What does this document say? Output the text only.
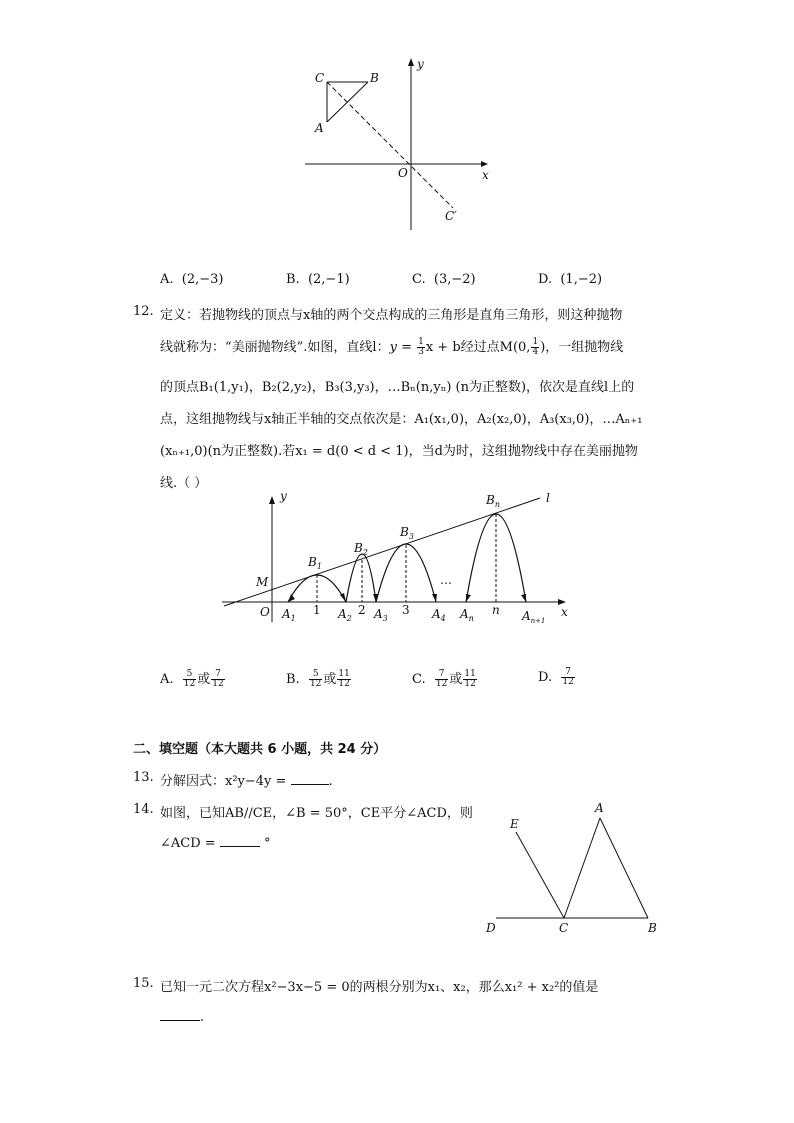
C	B
A
y
O	x
C′
A. (2,−3)	B. (2,−1)	C. (3,−2)	D. (1,−2)
12. 定义：若抛物线的顶点与x轴的两个交点构成的三角形是直角三角形，则这种抛物
线就称为：“美丽抛物线”.如图，直线l：$y = \frac{1}{3}$ x + b经过点M(0, $\frac{1}{4}$ )，一组抛物线
的顶点B₁(1,y₁)，B₂(2,y₂)，B₃(3,y₃)，…Bₙ(n,yₙ) (n为正整数)，依次是直线l上的
点，这组抛物线与x轴正半轴的交点依次是：A₁(x₁,0)，A₂(x₂,0)，A₃(x₃,0)，…Aₙ₊₁
(xₙ₊₁,0)(n为正整数).若x₁ = d(0 < d < 1)，当d为时，这组抛物线中存在美丽抛物
线.（ ）
y
x
M
O
l
$B_1$
$B_2$
$B_3$
$B_n$
1	2	3	n
…
$A_1$	$A_2$ $A_3$	$A_4$ $A_n$	$A_{n+1}$
A. $\frac{5}{12}$ 或 $\frac{7}{12}$	B. $\frac{5}{12}$ 或 $\frac{11}{12}$	C. $\frac{7}{12}$ 或 $\frac{11}{12}$	D. $\frac{7}{12}$
二、填空题（本大题共 6 小题，共 24 分）
13. 分解因式：x²y−4y =	.
14. 如图，已知AB//CE，∠B = 50°，CE平分∠ACD，则
∠ACD =	°
E
A
D	C	B
15. 已知一元二次方程x²−3x−5 = 0的两根分别为x₁、x₂，那么x₁² + x₂²的值是
.
